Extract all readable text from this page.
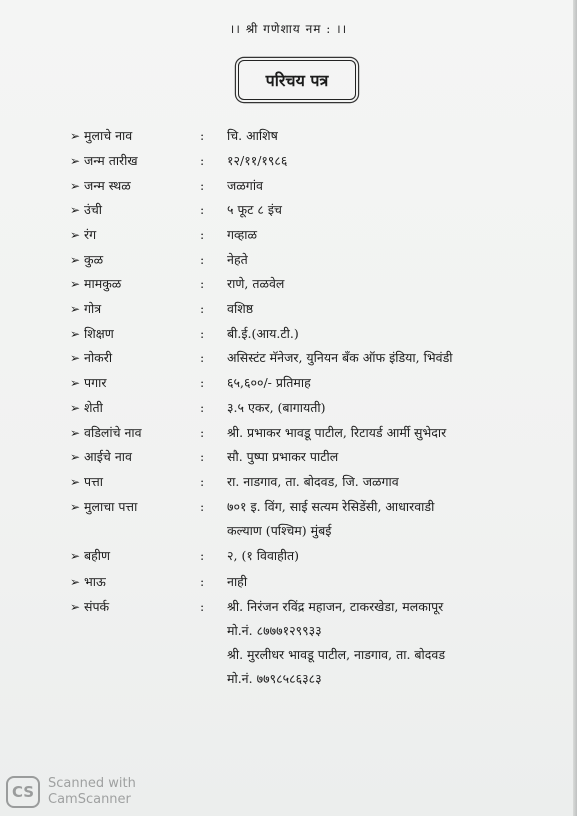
।। श्री गणेशाय नम : ।।
परिचय पत्र
➢ मुलाचे नाव	: चि. आशिष
➢ जन्म तारीख	: १२/११/१९८६
➢ जन्म स्थळ	: जळगांव
➢ उंची	: ५ फूट ८ इंच
➢ रंग	: गव्हाळ
➢ कुळ	: नेहते
➢ मामकुळ	: राणे, तळवेल
➢ गोत्र	: वशिष्ठ
➢ शिक्षण	: बी.ई.(आय.टी.)
➢ नोकरी	: असिस्टंट मॅनेजर, युनियन बँक ऑफ इंडिया, भिवंडी
➢ पगार	: ६५,६००/- प्रतिमाह
➢ शेती	: ३.५ एकर, (बागायती)
➢ वडिलांचे नाव	: श्री. प्रभाकर भावडू पाटील, रिटायर्ड आर्मी सुभेदार
➢ आईचे नाव	: सौ. पुष्पा प्रभाकर पाटील
➢ पत्ता	: रा. नाडगाव, ता. बोदवड, जि. जळगाव
➢ मुलाचा पत्ता	: ७०१ इ. विंग, साई सत्यम रेसिडेंसी, आधारवाडी
कल्याण (पश्चिम) मुंबई
➢ बहीण	: २, (१ विवाहीत)
➢ भाऊ	: नाही
➢ संपर्क	: श्री. निरंजन रविंद्र महाजन, टाकरखेडा, मलकापूर
मो.नं. ८७७७१२९९३३
श्री. मुरलीधर भावडू पाटील, नाडगाव, ता. बोदवड
मो.नं. ७७९८५८६३८३
CS	Scanned with
CamScanner
